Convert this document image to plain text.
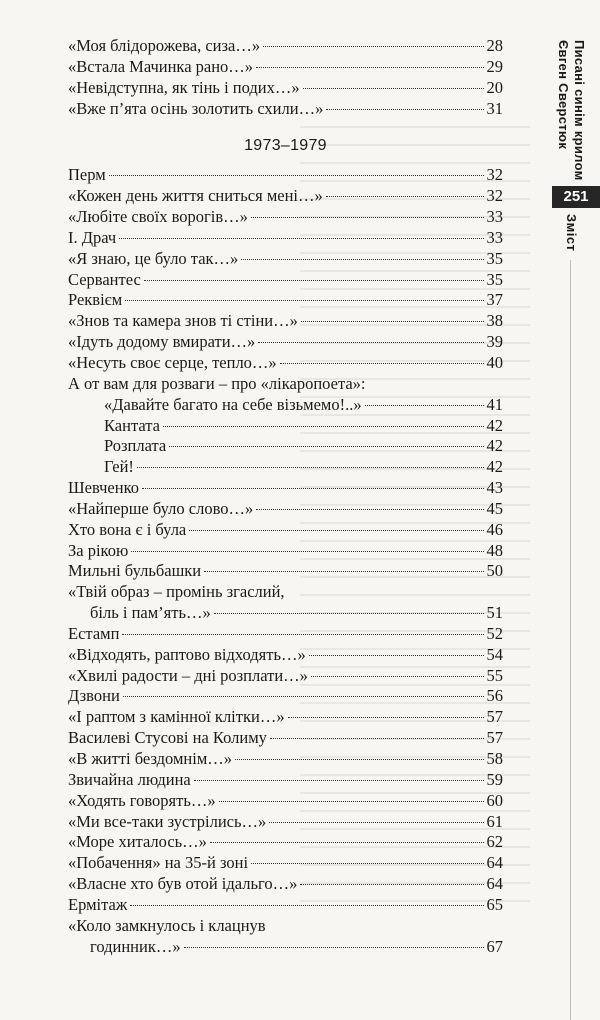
«Моя блідорожева, сиза…»	28
«Встала Мачинка рано…»	29
«Невідступна, як тінь і подих…»	20
«Вже п’ята осінь золотить схили…»	31
1973–1979
Перм	32
«Кожен день життя сниться мені…»	32
«Любіте своїх ворогів…»	33
І. Драч	33
«Я знаю, це було так…»	35
Сервантес	35
Реквієм	37
«Знов та камера знов ті стіни…»	38
«Ідуть додому вмирати…»	39
«Несуть своє серце, тепло…»	40
А от вам для розваги – про «лікаропоета»:
«Давайте багато на себе візьмемо!..»	41
Кантата	42
Розплата	42
Гей!	42
Шевченко	43
«Найперше було слово…»	45
Хто вона є і була	46
За рікою	48
Мильні бульбашки	50
«Твій образ – промінь згаслий,
біль і пам’ять…»	51
Естамп	52
«Відходять, раптово відходять…»	54
«Хвилі радости – дні розплати…»	55
Дзвони	56
«І раптом з камінної клітки…»	57
Василеві Стусові на Колиму	57
«В житті бездомнім…»	58
Звичайна людина	59
«Ходять говорять…»	60
«Ми все-таки зустрілись…»	61
«Море хиталось…»	62
«Побачення» на 35-й зоні	64
«Власне хто був отой ідальго…»	64
Ермітаж	65
«Коло замкнулось і клацнув
годинник…»	67
Євген Сверстюк Писані синім крилом
251
Зміст
